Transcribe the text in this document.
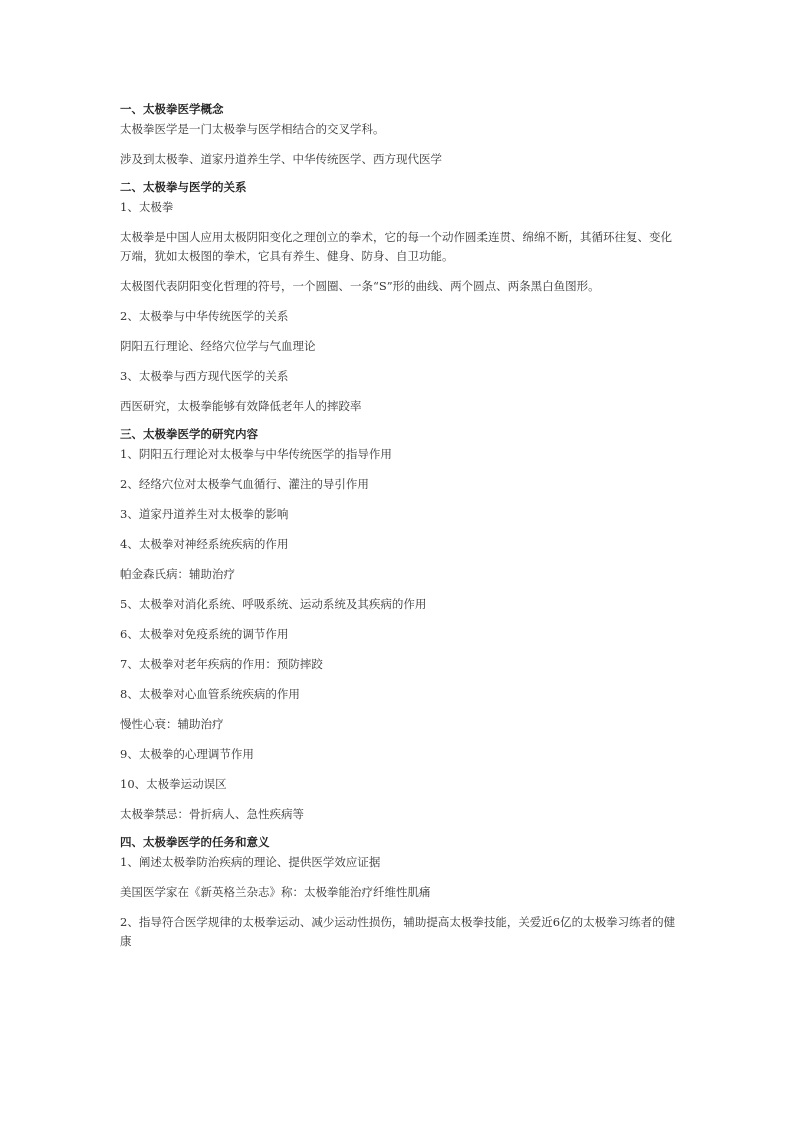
一、太极拳医学概念
太极拳医学是一门太极拳与医学相结合的交叉学科。
涉及到太极拳、道家丹道养生学、中华传统医学、西方现代医学
二、太极拳与医学的关系
1、太极拳
太极拳是中国人应用太极阴阳变化之理创立的拳术，它的每一个动作圆柔连贯、绵绵不断，其循环往复、变化万端，犹如太极图的拳术，它具有养生、健身、防身、自卫功能。
太极图代表阴阳变化哲理的符号，一个圆圈、一条“S”形的曲线、两个圆点、两条黑白鱼图形。
2、太极拳与中华传统医学的关系
阴阳五行理论、经络穴位学与气血理论
3、太极拳与西方现代医学的关系
西医研究，太极拳能够有效降低老年人的摔跤率
三、太极拳医学的研究内容
1、阴阳五行理论对太极拳与中华传统医学的指导作用
2、经络穴位对太极拳气血循行、灌注的导引作用
3、道家丹道养生对太极拳的影响
4、太极拳对神经系统疾病的作用
帕金森氏病：辅助治疗
5、太极拳对消化系统、呼吸系统、运动系统及其疾病的作用
6、太极拳对免疫系统的调节作用
7、太极拳对老年疾病的作用：预防摔跤
8、太极拳对心血管系统疾病的作用
慢性心衰：辅助治疗
9、太极拳的心理调节作用
10、太极拳运动误区
太极拳禁忌：骨折病人、急性疾病等
四、太极拳医学的任务和意义
1、阐述太极拳防治疾病的理论、提供医学效应证据
美国医学家在《新英格兰杂志》称：太极拳能治疗纤维性肌痛
2、指导符合医学规律的太极拳运动、减少运动性损伤，辅助提高太极拳技能，关爱近6亿的太极拳习练者的健康
